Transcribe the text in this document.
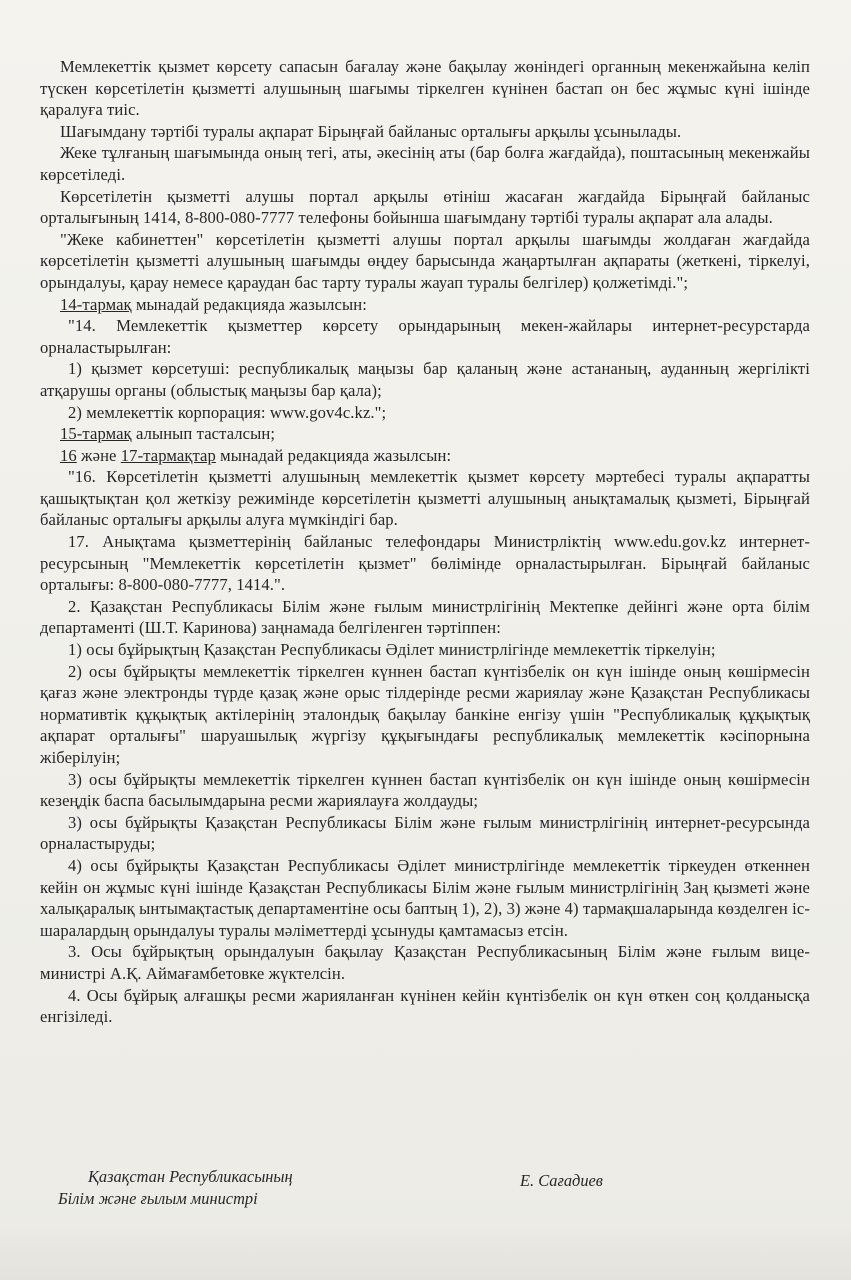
Мемлекеттік қызмет көрсету сапасын бағалау және бақылау жөніндегі органның мекенжайына келіп түскен көрсетілетін қызметті алушының шағымы тіркелген күнінен бастап он бес жұмыс күні ішінде қаралуға тиіс.

Шағымдану тәртібі туралы ақпарат Бірыңғай байланыс орталығы арқылы ұсынылады.

Жеке тұлғаның шағымында оның тегі, аты, әкесінің аты (бар болға жағдайда), поштасының мекенжайы көрсетіледі.

Көрсетілетін қызметті алушы портал арқылы өтініш жасаған жағдайда Бірыңғай байланыс орталығының 1414, 8-800-080-7777 телефоны бойынша шағымдану тәртібі туралы ақпарат ала алады.

"Жеке кабинеттен" көрсетілетін қызметті алушы портал арқылы шағымды жолдаған жағдайда көрсетілетін қызметті алушының шағымды өңдеу барысында жаңартылған ақпараты (жеткені, тіркелуі, орындалуы, қарау немесе қараудан бас тарту туралы жауап туралы белгілер) қолжетімді.";

14-тармақ мынадай редакцияда жазылсын:

"14. Мемлекеттік қызметтер көрсету орындарының мекен-жайлары интернет-ресурстарда орналастырылған:

1) қызмет көрсетуші: республикалық маңызы бар қаланың және астананың, ауданның жергілікті атқарушы органы (облыстық маңызы бар қала);

2) мемлекеттік корпорация: www.gov4c.kz.";

15-тармақ алынып тасталсын;

16 және 17-тармақтар мынадай редакцияда жазылсын:

"16. Көрсетілетін қызметті алушының мемлекеттік қызмет көрсету мәртебесі туралы ақпаратты қашықтықтан қол жеткізу режимінде көрсетілетін қызметті алушының анықтамалық қызметі, Бірыңғай байланыс орталығы арқылы алуға мүмкіндігі бар.

17. Анықтама қызметтерінің байланыс телефондары Министрліктің www.edu.gov.kz интернет-ресурсының "Мемлекеттік көрсетілетін қызмет" бөлімінде орналастырылған. Бірыңғай байланыс орталығы: 8-800-080-7777, 1414.".

2. Қазақстан Республикасы Білім және ғылым министрлігінің Мектепке дейінгі және орта білім департаменті (Ш.Т. Каринова) заңнамада белгіленген тәртіппен:

1) осы бұйрықтың Қазақстан Республикасы Әділет министрлігінде мемлекеттік тіркелуін;

2) осы бұйрықты мемлекеттік тіркелген күннен бастап күнтізбелік он күн ішінде оның көшірмесін қағаз және электронды түрде қазақ және орыс тілдерінде ресми жариялау және Қазақстан Республикасы нормативтік құқықтық актілерінің эталондық бақылау банкіне енгізу үшін "Республикалық құқықтық ақпарат орталығы" шаруашылық жүргізу құқығындағы республикалық мемлекеттік кәсіпорнына жіберілуін;

3) осы бұйрықты мемлекеттік тіркелген күннен бастап күнтізбелік он күн ішінде оның көшірмесін кезеңдік баспа басылымдарына ресми жариялауға жолдауды;

3) осы бұйрықты Қазақстан Республикасы Білім және ғылым министрлігінің интернет-ресурсында орналастыруды;

4) осы бұйрықты Қазақстан Республикасы Әділет министрлігінде мемлекеттік тіркеуден өткеннен кейін он жұмыс күні ішінде Қазақстан Республикасы Білім және ғылым министрлігінің Заң қызметі және халықаралық ынтымақтастық департаментіне осы баптың 1), 2), 3) және 4) тармақшаларында көзделген іс-шаралардың орындалуы туралы мәліметтерді ұсынуды қамтамасыз етсін.

3. Осы бұйрықтың орындалуын бақылау Қазақстан Республикасының Білім және ғылым вице-министрі А.Қ. Аймағамбетовке жүктелсін.

4. Осы бұйрық алғашқы ресми жарияланған күнінен кейін күнтізбелік он күн өткен соң қолданысқа енгізіледі.

Қазақстан Республикасының
Білім және ғылым министрі
Е. Сағадиев
